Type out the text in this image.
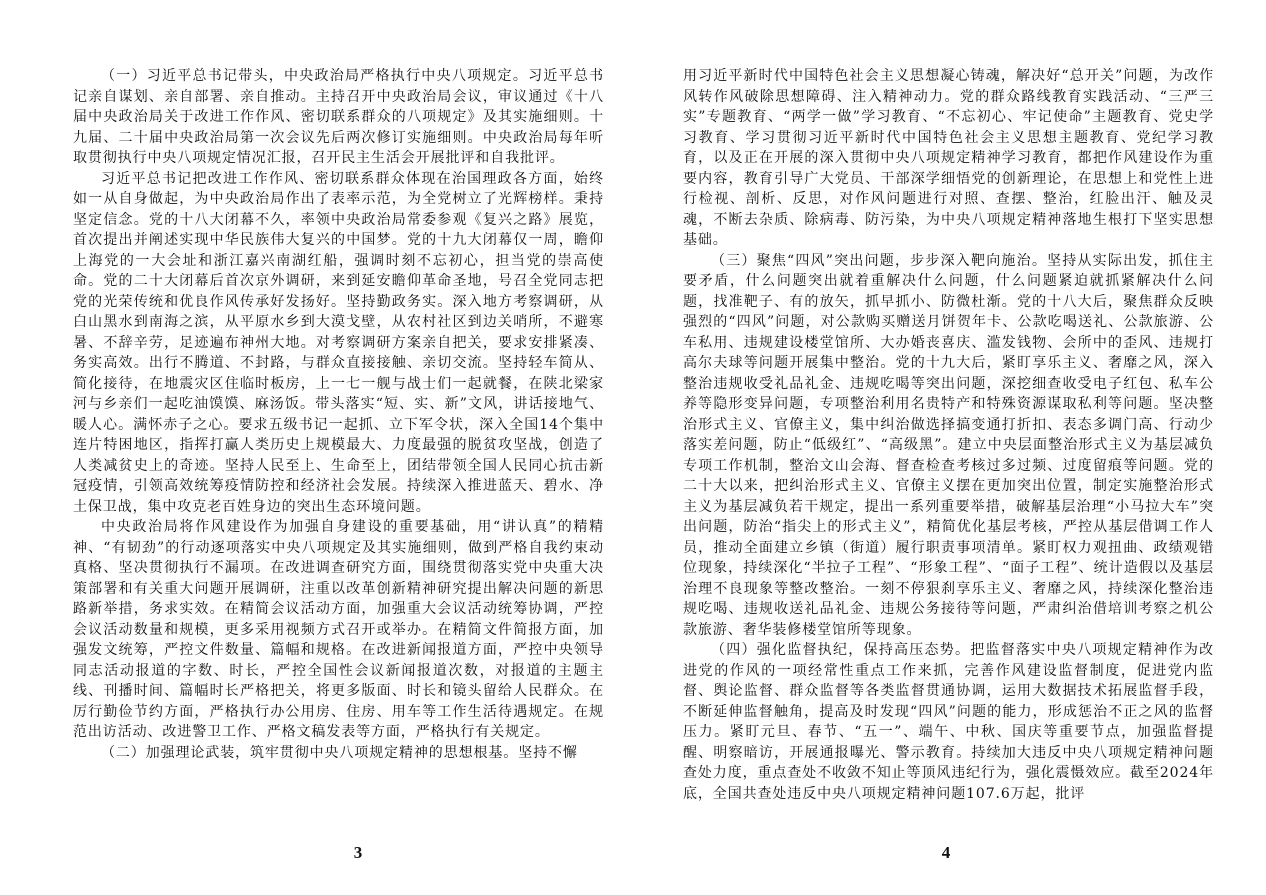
（一）习近平总书记带头，中央政治局严格执行中央八项规定。习近平总书记亲自谋划、亲自部署、亲自推动。主持召开中央政治局会议，审议通过《十八届中央政治局关于改进工作作风、密切联系群众的八项规定》及其实施细则。十九届、二十届中央政治局第一次会议先后两次修订实施细则。中央政治局每年听取贯彻执行中央八项规定情况汇报，召开民主生活会开展批评和自我批评。

习近平总书记把改进工作作风、密切联系群众体现在治国理政各方面，始终如一从自身做起，为中央政治局作出了表率示范，为全党树立了光辉榜样。秉持坚定信念。党的十八大闭幕不久，率领中央政治局常委参观《复兴之路》展览，首次提出并阐述实现中华民族伟大复兴的中国梦。党的十九大闭幕仅一周，瞻仰上海党的一大会址和浙江嘉兴南湖红船，强调时刻不忘初心，担当党的崇高使命。党的二十大闭幕后首次京外调研，来到延安瞻仰革命圣地，号召全党同志把党的光荣传统和优良作风传承好发扬好。坚持勤政务实。深入地方考察调研，从白山黑水到南海之滨，从平原水乡到大漠戈壁，从农村社区到边关哨所，不避寒暑、不辞辛劳，足迹遍布神州大地。对考察调研方案亲自把关，要求安排紧凑、务实高效。出行不腾道、不封路，与群众直接接触、亲切交流。坚持轻车简从、简化接待，在地震灾区住临时板房，上一七一舰与战士们一起就餐，在陕北梁家河与乡亲们一起吃油馍馍、麻汤饭。带头落实“短、实、新”文风，讲话接地气、暖人心。满怀赤子之心。要求五级书记一起抓、立下军令状，深入全国14个集中连片特困地区，指挥打赢人类历史上规模最大、力度最强的脱贫攻坚战，创造了人类减贫史上的奇迹。坚持人民至上、生命至上，团结带领全国人民同心抗击新冠疫情，引领高效统筹疫情防控和经济社会发展。持续深入推进蓝天、碧水、净土保卫战，集中攻克老百姓身边的突出生态环境问题。

中央政治局将作风建设作为加强自身建设的重要基础，用“讲认真”的精精神、“有韧劲”的行动逐项落实中央八项规定及其实施细则，做到严格自我约束动真格、坚决贯彻执行不漏项。在改进调查研究方面，围绕贯彻落实党中央重大决策部署和有关重大问题开展调研，注重以改革创新精神研究提出解决问题的新思路新举措，务求实效。在精简会议活动方面，加强重大会议活动统筹协调，严控会议活动数量和规模，更多采用视频方式召开或举办。在精简文件简报方面，加强发文统筹，严控文件数量、篇幅和规格。在改进新闻报道方面，严控中央领导同志活动报道的字数、时长，严控全国性会议新闻报道次数，对报道的主题主线、刊播时间、篇幅时长严格把关，将更多版面、时长和镜头留给人民群众。在厉行勤俭节约方面，严格执行办公用房、住房、用车等工作生活待遇规定。在规范出访活动、改进警卫工作、严格文稿发表等方面，严格执行有关规定。

（二）加强理论武装，筑牢贯彻中央八项规定精神的思想根基。坚持不懈

用习近平新时代中国特色社会主义思想凝心铸魂，解决好“总开关”问题，为改作风转作风破除思想障碍、注入精神动力。党的群众路线教育实践活动、“三严三实”专题教育、“两学一做”学习教育、“不忘初心、牢记使命”主题教育、党史学习教育、学习贯彻习近平新时代中国特色社会主义思想主题教育、党纪学习教育，以及正在开展的深入贯彻中央八项规定精神学习教育，都把作风建设作为重要内容，教育引导广大党员、干部深学细悟党的创新理论，在思想上和党性上进行检视、剖析、反思，对作风问题进行对照、查摆、整治，红脸出汗、触及灵魂，不断去杂质、除病毒、防污染，为中央八项规定精神落地生根打下坚实思想基础。

（三）聚焦“四风”突出问题，步步深入靶向施治。坚持从实际出发，抓住主要矛盾，什么问题突出就着重解决什么问题，什么问题紧迫就抓紧解决什么问题，找准靶子、有的放矢，抓早抓小、防微杜渐。党的十八大后，聚焦群众反映强烈的“四风”问题，对公款购买赠送月饼贺年卡、公款吃喝送礼、公款旅游、公车私用、违规建设楼堂馆所、大办婚丧喜庆、滥发钱物、会所中的歪风、违规打高尔夫球等问题开展集中整治。党的十九大后，紧盯享乐主义、奢靡之风，深入整治违规收受礼品礼金、违规吃喝等突出问题，深挖细查收受电子红包、私车公养等隐形变异问题，专项整治利用名贵特产和特殊资源谋取私利等问题。坚决整治形式主义、官僚主义，集中纠治做选择搞变通打折扣、表态多调门高、行动少落实差问题，防止“低级红”、“高级黑”。建立中央层面整治形式主义为基层减负专项工作机制，整治文山会海、督查检查考核过多过频、过度留痕等问题。党的二十大以来，把纠治形式主义、官僚主义摆在更加突出位置，制定实施整治形式主义为基层减负若干规定，提出一系列重要举措，破解基层治理“小马拉大车”突出问题，防治“指尖上的形式主义”，精简优化基层考核，严控从基层借调工作人员，推动全面建立乡镇（街道）履行职责事项清单。紧盯权力观扭曲、政绩观错位现象，持续深化“半拉子工程”、“形象工程”、“面子工程”、统计造假以及基层治理不良现象等整改整治。一刻不停狠刹享乐主义、奢靡之风，持续深化整治违规吃喝、违规收送礼品礼金、违规公务接待等问题，严肃纠治借培训考察之机公款旅游、奢华装修楼堂馆所等现象。

（四）强化监督执纪，保持高压态势。把监督落实中央八项规定精神作为改进党的作风的一项经常性重点工作来抓，完善作风建设监督制度，促进党内监督、舆论监督、群众监督等各类监督贯通协调，运用大数据技术拓展监督手段，不断延伸监督触角，提高及时发现“四风”问题的能力，形成惩治不正之风的监督压力。紧盯元旦、春节、“五一”、端午、中秋、国庆等重要节点，加强监督提醒、明察暗访，开展通报曝光、警示教育。持续加大违反中央八项规定精神问题查处力度，重点查处不收敛不知止等顶风违纪行为，强化震慑效应。截至2024年底，全国共查处违反中央八项规定精神问题107.6万起，批评

3	4
